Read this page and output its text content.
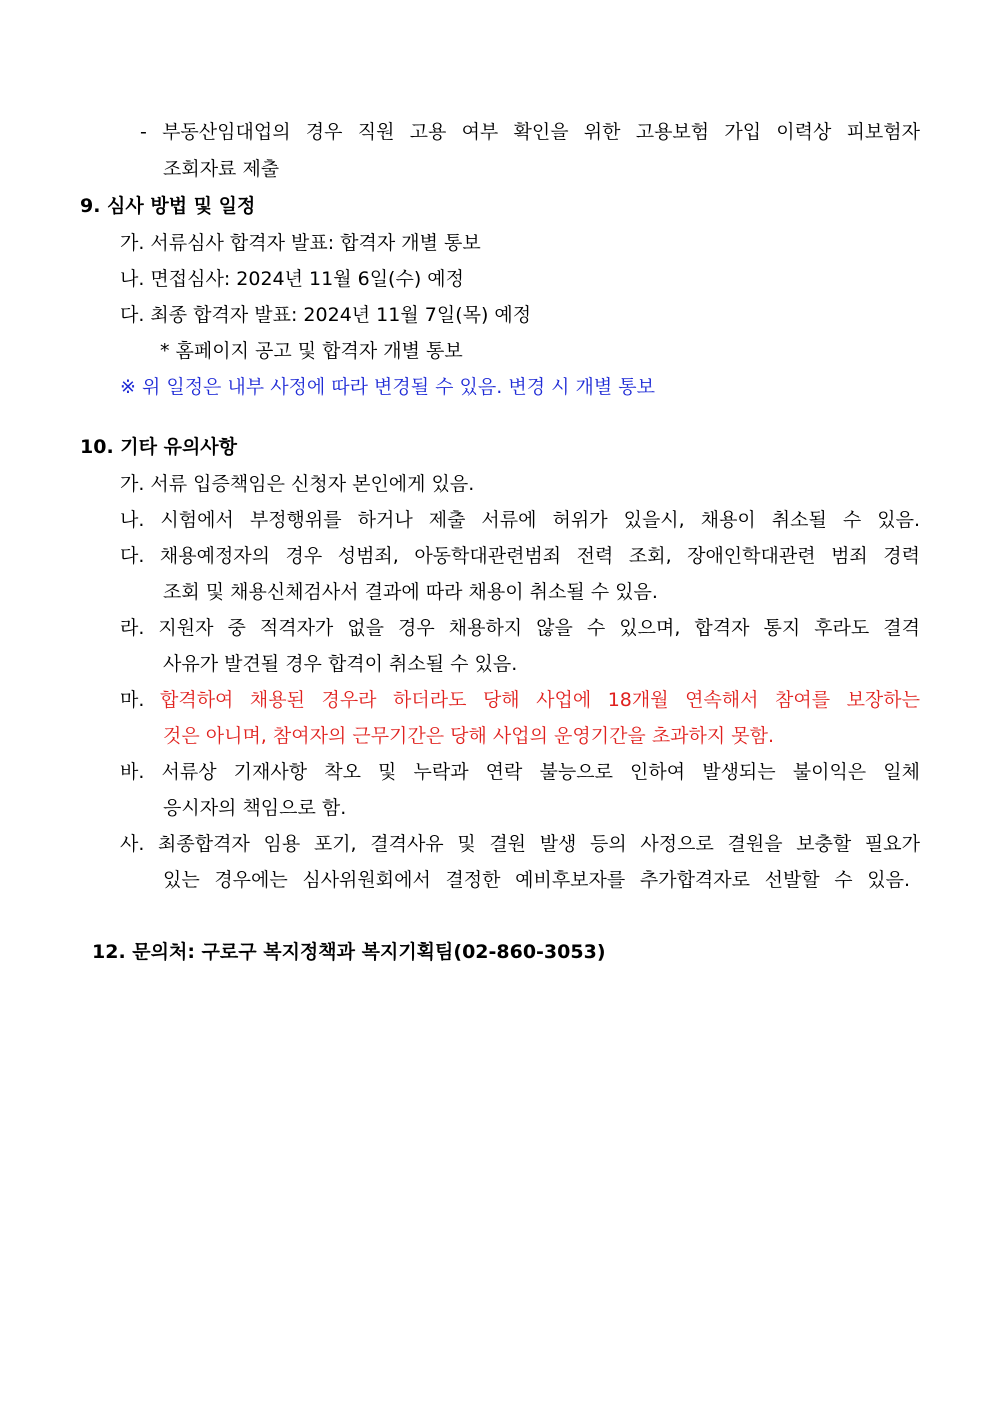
- 부동산임대업의 경우 직원 고용 여부 확인을 위한 고용보험 가입 이력상 피보험자
조회자료 제출
9. 심사 방법 및 일정
가. 서류심사 합격자 발표: 합격자 개별 통보
나. 면접심사: 2024년 11월 6일(수) 예정
다. 최종 합격자 발표: 2024년 11월 7일(목) 예정
* 홈페이지 공고 및 합격자 개별 통보
※ 위 일정은 내부 사정에 따라 변경될 수 있음. 변경 시 개별 통보
10. 기타 유의사항
가. 서류 입증책임은 신청자 본인에게 있음.
나. 시험에서 부정행위를 하거나 제출 서류에 허위가 있을시, 채용이 취소될 수 있음.
다. 채용예정자의 경우 성범죄, 아동학대관련범죄 전력 조회, 장애인학대관련 범죄 경력
조회 및 채용신체검사서 결과에 따라 채용이 취소될 수 있음.
라. 지원자 중 적격자가 없을 경우 채용하지 않을 수 있으며, 합격자 통지 후라도 결격
사유가 발견될 경우 합격이 취소될 수 있음.
마. 합격하여 채용된 경우라 하더라도 당해 사업에 18개월 연속해서 참여를 보장하는
것은 아니며, 참여자의 근무기간은 당해 사업의 운영기간을 초과하지 못함.
바. 서류상 기재사항 착오 및 누락과 연락 불능으로 인하여 발생되는 불이익은 일체
응시자의 책임으로 함.
사. 최종합격자 임용 포기, 결격사유 및 결원 발생 등의 사정으로 결원을 보충할 필요가
있는 경우에는 심사위원회에서 결정한 예비후보자를 추가합격자로 선발할 수 있음.
12. 문의처: 구로구 복지정책과 복지기획팀(02-860-3053)
